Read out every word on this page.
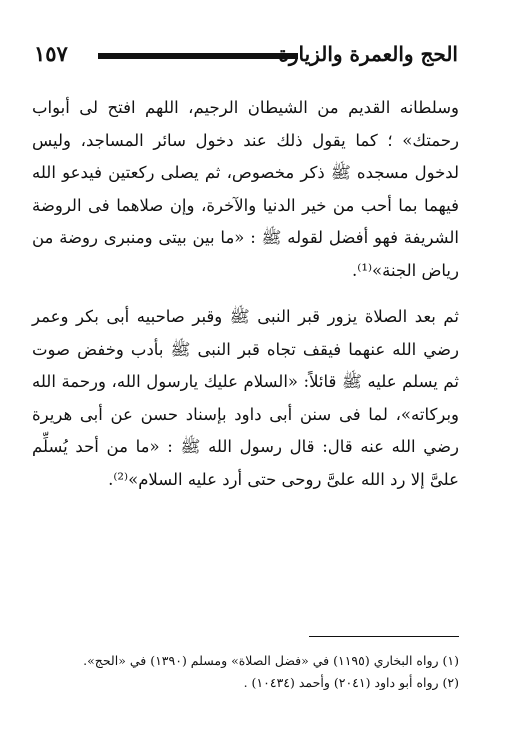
١٥٧	الحج والعمرة والزيارة

وسلطانه القديم من الشيطان الرجيم، اللهم افتح لى أبواب رحمتك» ؛ كما يقول ذلك عند دخول سائر المساجد، وليس لدخول مسجده ﷺ ذكر مخصوص، ثم يصلى ركعتين فيدعو الله فيهما بما أحب من خير الدنيا والآخرة، وإن صلاهما فى الروضة الشريفة فهو أفضل لقوله ﷺ : «ما بين بيتى ومنبرى روضة من رياض الجنة»⁽¹⁾.

ثم بعد الصلاة يزور قبر النبى ﷺ وقبر صاحبيه أبى بكر وعمر رضي الله عنهما فيقف تجاه قبر النبى ﷺ بأدب وخفض صوت ثم يسلم عليه ﷺ قائلاً: «السلام عليك يارسول الله، ورحمة الله وبركاته»، لما فى سنن أبى داود بإسناد حسن عن أبى هريرة رضي الله عنه قال: قال رسول الله ﷺ : «ما من أحد يُسلِّم علىَّ إلا رد الله علىَّ روحى حتى أرد عليه السلام»⁽²⁾.

(١) رواه البخاري (١١٩٥) في «فضل الصلاة» ومسلم (١٣٩٠) في «الحج».

(٢) رواه أبو داود (٢٠٤١) وأحمد (١٠٤٣٤) .
